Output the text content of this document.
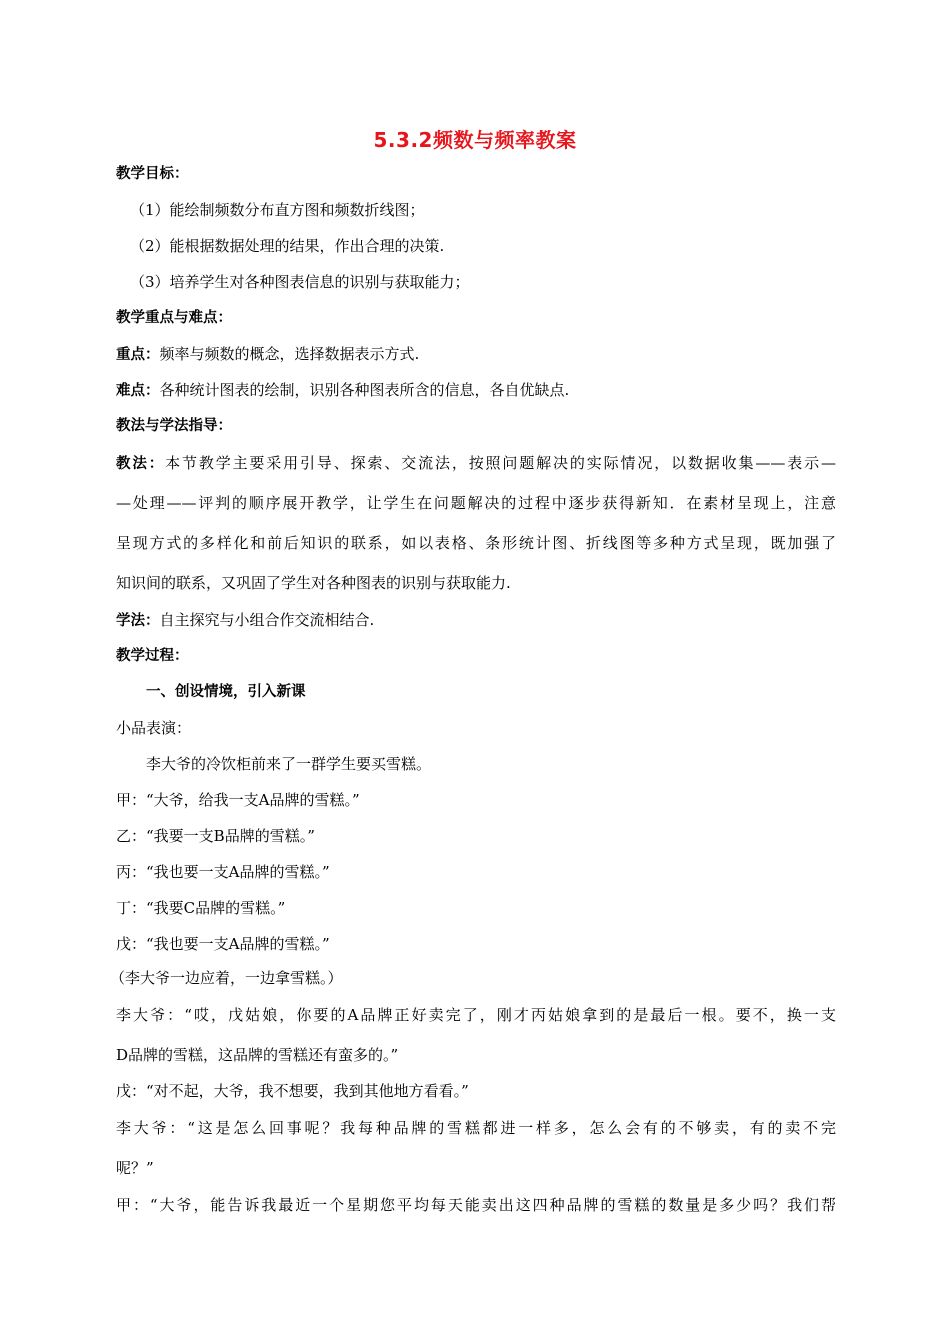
5.3.2频数与频率教案
教学目标：
（1）能绘制频数分布直方图和频数折线图；
（2）能根据数据处理的结果，作出合理的决策.
（3）培养学生对各种图表信息的识别与获取能力；
教学重点与难点：
重点：频率与频数的概念，选择数据表示方式.
难点：各种统计图表的绘制，识别各种图表所含的信息，各自优缺点.
教法与学法指导：
教法：本节教学主要采用引导、探索、交流法，按照问题解决的实际情况，以数据收集——表示—
—处理——评判的顺序展开教学，让学生在问题解决的过程中逐步获得新知．在素材呈现上，注意
呈现方式的多样化和前后知识的联系，如以表格、条形统计图、折线图等多种方式呈现，既加强了
知识间的联系，又巩固了学生对各种图表的识别与获取能力.
学法：自主探究与小组合作交流相结合.
教学过程：
一、创设情境，引入新课
小品表演：
李大爷的冷饮柜前来了一群学生要买雪糕。
甲：“大爷，给我一支A品牌的雪糕。”
乙：“我要一支B品牌的雪糕。”
丙：“我也要一支A品牌的雪糕。”
丁：“我要C品牌的雪糕。”
戊：“我也要一支A品牌的雪糕。”
（李大爷一边应着，一边拿雪糕。）
李大爷：“哎，戊姑娘，你要的A品牌正好卖完了，刚才丙姑娘拿到的是最后一根。要不，换一支
D品牌的雪糕，这品牌的雪糕还有蛮多的。”
戊：“对不起，大爷，我不想要，我到其他地方看看。”
李大爷：“这是怎么回事呢？我每种品牌的雪糕都进一样多，怎么会有的不够卖，有的卖不完
呢？”
甲：“大爷，能告诉我最近一个星期您平均每天能卖出这四种品牌的雪糕的数量是多少吗？我们帮
